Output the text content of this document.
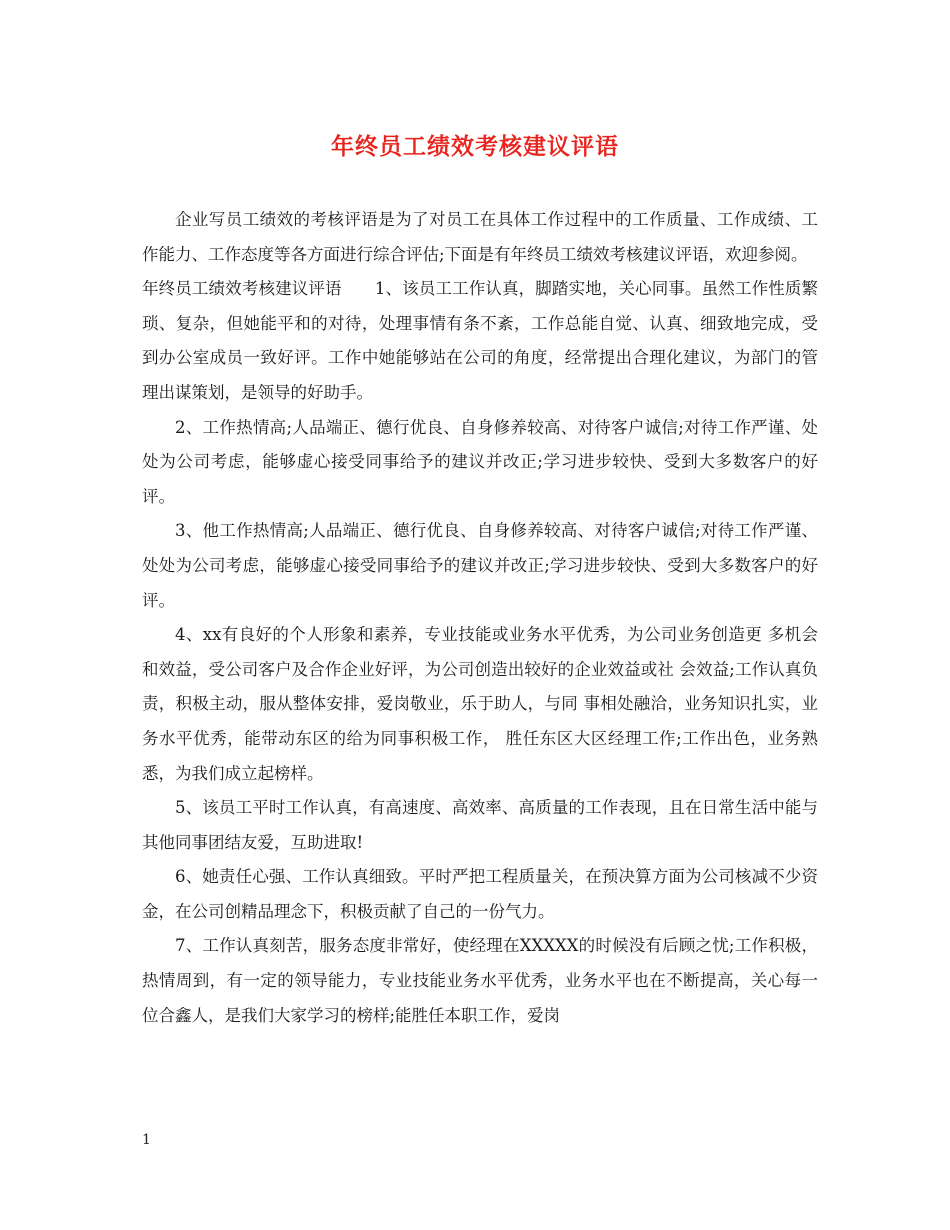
年终员工绩效考核建议评语

企业写员工绩效的考核评语是为了对员工在具体工作过程中的工作质量、工作成绩、工作能力、工作态度等各方面进行综合评估;下面是有年终员工绩效考核建议评语，欢迎参阅。

年终员工绩效考核建议评语　　1、该员工工作认真，脚踏实地，关心同事。虽然工作性质繁琐、复杂，但她能平和的对待，处理事情有条不紊，工作总能自觉、认真、细致地完成，受到办公室成员一致好评。工作中她能够站在公司的角度，经常提出合理化建议，为部门的管理出谋策划，是领导的好助手。

2、工作热情高;人品端正、德行优良、自身修养较高、对待客户诚信;对待工作严谨、处处为公司考虑，能够虚心接受同事给予的建议并改正;学习进步较快、受到大多数客户的好评。

3、他工作热情高;人品端正、德行优良、自身修养较高、对待客户诚信;对待工作严谨、处处为公司考虑，能够虚心接受同事给予的建议并改正;学习进步较快、受到大多数客户的好评。

4、xx有良好的个人形象和素养，专业技能或业务水平优秀，为公司业务创造更 多机会和效益，受公司客户及合作企业好评，为公司创造出较好的企业效益或社 会效益;工作认真负责，积极主动，服从整体安排，爱岗敬业，乐于助人，与同 事相处融洽，业务知识扎实，业务水平优秀，能带动东区的给为同事积极工作， 胜任东区大区经理工作;工作出色，业务熟悉，为我们成立起榜样。

5、该员工平时工作认真，有高速度、高效率、高质量的工作表现，且在日常生活中能与其他同事团结友爱，互助进取!

6、她责任心强、工作认真细致。平时严把工程质量关，在预决算方面为公司核减不少资金，在公司创精品理念下，积极贡献了自己的一份气力。

7、工作认真刻苦，服务态度非常好，使经理在XXXXX的时候没有后顾之忧;工作积极，热情周到，有一定的领导能力，专业技能业务水平优秀，业务水平也在不断提高，关心每一位合鑫人，是我们大家学习的榜样;能胜任本职工作，爱岗

1
